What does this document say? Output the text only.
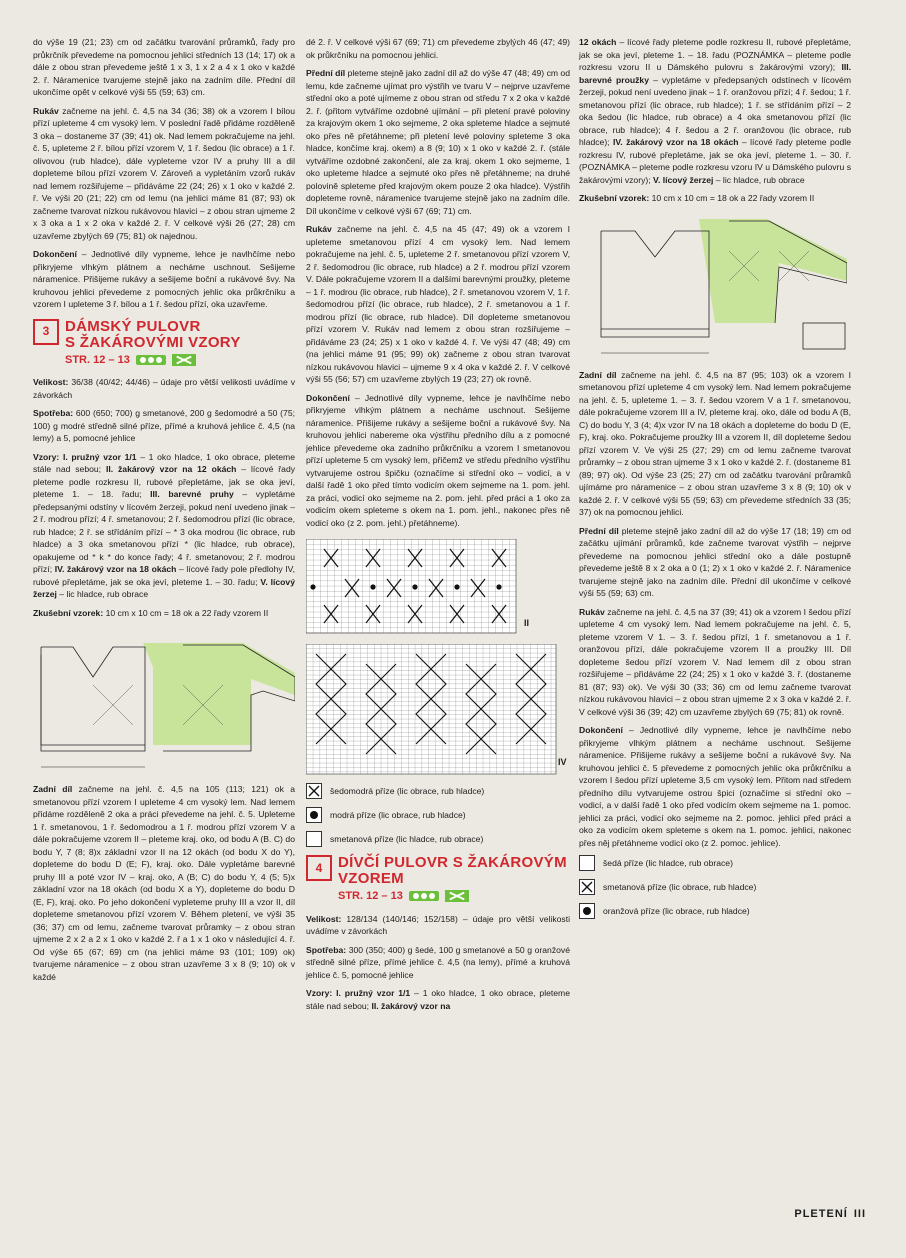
do výše 19 (21; 23) cm od začátku tvarování průramků, řady pro průkrčník převedeme na pomocnou jehlici středních 13 (14; 17) ok a dále z obou stran převedeme ještě 1 x 3, 1 x 2 a 4 x 1 oko v každé 2. ř. Náramenice tvarujeme stejně jako na zadním díle. Přední díl ukončíme opět v celkové výši 55 (59; 63) cm.

Rukáv začneme na jehl. č. 4,5 na 34 (36; 38) ok a vzorem I bílou přízí upleteme 4 cm vysoký lem. V poslední řadě přidáme rozděleně 3 oka – dostaneme 37 (39; 41) ok. Nad lemem pokračujeme na jehl. č. 5, upleteme 2 ř. bílou přízí vzorem V, 1 ř. šedou (lic obrace) a 1 ř. olivovou (rub hladce), dále vypleteme vzor IV a pruhy III a dil dopleteme bílou přízí vzorem V. Zároveň a vypletáním vzorů rukáv nad lemem rozšiřujeme – přidáváme 22 (24; 26) x 1 oko v každé 2. ř. Ve výši 20 (21; 22) cm od lemu (na jehlici máme 81 (87; 93) ok začneme tvarovat nízkou rukávovou hlavici – z obou stran ujmeme 2 x 3 oka a 1 x 2 oka v každé 2. ř. V celkové výši 26 (27; 28) cm uzavřeme zbylých 69 (75; 81) ok najednou.

Dokončení – Jednotlivé díly vypneme, lehce je navlhčíme nebo přikryjeme vlhkým plátnem a necháme uschnout. Sešijeme náramenice. Přišijeme rukávy a sešijeme boční a rukávové švy. Na kruhovou jehlici převedeme z pomocných jehlic oka průkrčníku a vzorem I upleteme 3 ř. bílou a 1 ř. šedou přízí, oka uzavřeme.

3	DÁMSKÝ PULOVR
S ŽAKÁROVÝMI VZORY
STR. 12 – 13

Velikost: 36/38 (40/42; 44/46) – údaje pro větší velikosti uvádíme v závorkách

Spotřeba: 600 (650; 700) g smetanové, 200 g šedomodré a 50 (75; 100) g modré středně silné příze, přímé a kruhová jehlice č. 4,5 (na lemy) a 5, pomocné jehlice

Vzory: I. pružný vzor 1/1 – 1 oko hladce, 1 oko obrace, pleteme stále nad sebou; II. žakárový vzor na 12 okách – lícové řady pleteme podle rozkresu II, rubové přepletáme, jak se oka jeví, pleteme 1. – 18. řadu; III. barevné pruhy – vypletáme předepsanými odstíny v lícovém žerzeji, pokud není uvedeno jinak – 2 ř. modrou přízí; 4 ř. smetanovou; 2 ř. šedomodrou přízí (lic obrace, rub hladce; 2 ř. se střídáním přízí – * 3 oka modrou (lic obrace, rub hladce) a 3 oka smetanovou přízí * (lic hladce, rub obrace), opakujeme od * k * do konce řady; 4 ř. smetanovou; 2 ř. modrou přízí; IV. žakárový vzor na 18 okách – lícové řady pole předlohy IV, rubové přepletáme, jak se oka jeví, pleteme 1. – 30. řadu; V. lícový žerzej – lic hladce, rub obrace

Zkušební vzorek: 10 cm x 10 cm = 18 ok a 22 řady vzorem II

Zadní díl začneme na jehl. č. 4,5 na 105 (113; 121) ok a smetanovou přízí vzorem I upleteme 4 cm vysoký lem. Nad lemem přidáme rozděleně 2 oka a práci převedeme na jehl. č. 5. Upleteme 1 ř. smetanovou, 1 ř. šedomodrou a 1 ř. modrou přízí vzorem V a dále pokračujeme vzorem II – pleteme kraj. oko, od bodu A (B. C) do bodu Y, 7 (8; 8)x základní vzor II na 12 okách (od bodu X do Y), dopleteme do bodu D (E; F), kraj. oko. Dále vypletáme barevné pruhy III a poté vzor IV – kraj. oko, A (B; C) do bodu Y, 4 (5; 5)x základní vzor na 18 okách (od bodu X a Y), dopleteme do bodu D (E, F), kraj. oko. Po jeho dokončení vypleteme pruhy III a vzor II, díl dopleteme smetanovou přízí vzorem V. Během pletení, ve výši 35 (36; 37) cm od lemu, začneme tvarovat průramky – z obou stran ujmeme 2 x 2 a 2 x 1 oko v každé 2. ř a 1 x 1 oko v následující 4. ř. Od výše 65 (67; 69) cm (na jehlici máme 93 (101; 109) ok) tvarujeme náramenice – z obou stran uzavřeme 3 x 8 (9; 10) ok v každé

dé 2. ř. V celkové výši 67 (69; 71) cm převedeme zbylých 46 (47; 49) ok průkrčníku na pomocnou jehlici.

Přední díl pleteme stejně jako zadní díl až do výše 47 (48; 49) cm od lemu, kde začneme ujímat pro výstřih ve tvaru V – nejprve uzavřeme střední oko a poté ujímeme z obou stran od středu 7 x 2 oka v každé 2. ř. (přitom vytváříme ozdobné ujímání – při pletení pravé poloviny za krajovým okem 1 oko sejmeme, 2 oka spleteme hladce a sejmuté oko přes ně přetáhneme; při pletení levé poloviny spleteme 3 oka hladce, končíme kraj. okem) a 8 (9; 10) x 1 oko v každé 2. ř. (stále vytváříme ozdobné zakončení, ale za kraj. okem 1 oko sejmeme, 1 oko upleteme hladce a sejmuté oko přes ně přetáhneme; na druhé polovině spleteme před krajovým okem pouze 2 oka hladce). Výstřih dopleteme rovně, náramenice tvarujeme stejně jako na zadním díle. Díl ukončíme v celkové výši 67 (69; 71) cm.

Rukáv začneme na jehl. č. 4,5 na 45 (47; 49) ok a vzorem I upleteme smetanovou přízí 4 cm vysoký lem. Nad lemem pokračujeme na jehl. č. 5, upleteme 2 ř. smetanovou přízí vzorem V, 2 ř. šedomodrou (lic obrace, rub hladce) a 2 ř. modrou přízí vzorem V. Dále pokračujeme vzorem II a dalšími barevnými proužky, pleteme – 1 ř. modrou (lic obrace, rub hladce), 2 ř. smetanovou vzorem V, 1 ř. šedomodrou přízí (lic obrace, rub hladce), 2 ř. smetanovou a 1 ř. modrou přízí (lic obrace, rub hladce). Díl dopleteme smetanovou přízí vzorem V. Rukáv nad lemem z obou stran rozšiřujeme – přidáváme 23 (24; 25) x 1 oko v každé 4. ř. Ve výši 47 (48; 49) cm (na jehlici máme 91 (95; 99) ok) začneme z obou stran tvarovat nízkou rukávovou hlavici – ujmeme 9 x 4 oka v každé 2. ř. V celkové výši 55 (56; 57) cm uzavřeme zbylých 19 (23; 27) ok rovně.

Dokončení – Jednotlivé díly vypneme, lehce je navlhčíme nebo přikryjeme vlhkým plátnem a necháme uschnout. Sešijeme náramenice. Přišijeme rukávy a sešijeme boční a rukávové švy. Na kruhovou jehlici nabereme oka výstřihu předního dílu a z pomocné jehlice převedeme oka zadního průkrčníku a vzorem I smetanovou přízí upleteme 5 cm vysoký lem, přičemž ve středu předního výstřihu vytvarujeme ostrou špičku (označíme si střední oko – vodicí, a v další řadě 1 oko před tímto vodicím okem sejmeme na 1. pom. jehl. za práci, vodicí oko sejmeme na 2. pom. jehl. před práci a 1 oko za vodicím okem spleteme s okem na 1. pom. jehl., nakonec přes ně vodicí oko (z 2. pom. jehl.) přetáhneme).

II
IV
šedomodrá příze (lic obrace, rub hladce)
modrá příze (lic obrace, rub hladce)
smetanová příze (lic hladce, rub obrace)
4	DÍVČÍ PULOVR S ŽAKÁROVÝM
VZOREM
STR. 12 – 13

Velikost: 128/134 (140/146; 152/158) – údaje pro větší velikosti uvádíme v závorkách

Spotřeba: 300 (350; 400) g šedé, 100 g smetanové a 50 g oranžové středně silné příze, přímé jehlice č. 4,5 (na lemy), přímé a kruhová jehlice č. 5, pomocné jehlice

Vzory: I. pružný vzor 1/1 – 1 oko hladce, 1 oko obrace, pleteme stále nad sebou; II. žakárový vzor na

12 okách – lícové řady pleteme podle rozkresu II, rubové přepletáme, jak se oka jeví, pleteme 1. – 18. řadu (POZNÁMKA – pleteme podle rozkresu vzoru II u Dámského pulovru s žakárovými vzory); III. barevné proužky – vypletáme v předepsaných odstínech v lícovém žerzeji, pokud není uvedeno jinak – 1 ř. oranžovou přízí; 4 ř. šedou; 1 ř. smetanovou přízí (lic obrace, rub hladce); 1 ř. se střídáním přízí – 2 oka šedou (lic hladce, rub obrace) a 4 oka smetanovou přízí (lic obrace, rub hladce); 4 ř. šedou a 2 ř. oranžovou (lic obrace, rub hladce); IV. žakárový vzor na 18 okách – lícové řady pleteme podle rozkresu IV, rubové přepletáme, jak se oka jeví, pleteme 1. – 30. ř. (POZNÁMKA – pleteme podle rozkresu vzoru IV u Dámského pulovru s žakárovými vzory); V. lícový žerzej – lic hladce, rub obrace

Zkušební vzorek: 10 cm x 10 cm = 18 ok a 22 řady vzorem II

Zadní díl začneme na jehl. č. 4,5 na 87 (95; 103) ok a vzorem I smetanovou přízí upleteme 4 cm vysoký lem. Nad lemem pokračujeme na jehl. č. 5, upleteme 1. – 3. ř. šedou vzorem V a 1 ř. smetanovou, dále pokračujeme vzorem III a IV, pleteme kraj. oko, dále od bodu A (B, C) do bodu Y, 3 (4; 4)x vzor IV na 18 okách a dopleteme do bodu D (E, F), kraj. oko. Pokračujeme proužky III a vzorem II, díl dopleteme šedou přízí vzorem V. Ve výši 25 (27; 29) cm od lemu začneme tvarovat průramky – z obou stran ujmeme 3 x 1 oko v každé 2. ř. (dostaneme 81 (89; 97) ok). Od výše 23 (25; 27) cm od začátku tvarování průramků ujímáme pro náramenice – z obou stran uzavřeme 3 x 8 (9; 10) ok v každé 2. ř. V celkové výši 55 (59; 63) cm převedeme středních 33 (35; 37) ok na pomocnou jehlici.

Přední díl pleteme stejně jako zadní díl až do výše 17 (18; 19) cm od začátku ujímání průramků, kde začneme tvarovat výstřih – nejprve převedeme na pomocnou jehlici střední oko a dále postupně převedeme ještě 8 x 2 oka a 0 (1; 2) x 1 oko v každé 2. ř. Náramenice tvarujeme stejně jako na zadním díle. Přední díl ukončíme v celkové výši 55 (59; 63) cm.

Rukáv začneme na jehl. č. 4,5 na 37 (39; 41) ok a vzorem I šedou přízí upleteme 4 cm vysoký lem. Nad lemem pokračujeme na jehl. č. 5, pleteme vzorem V 1. – 3. ř. šedou přízí, 1 ř. smetanovou a 1 ř. oranžovou přízí, dále pokračujeme vzorem II a proužky III. Díl dopleteme šedou přízí vzorem V. Nad lemem díl z obou stran rozšiřujeme – přidáváme 22 (24; 25) x 1 oko v každé 3. ř. (dostaneme 81 (87; 93) ok). Ve výši 30 (33; 36) cm od lemu začneme tvarovat nízkou rukávovou hlavici – z obou stran ujmeme 2 x 3 oka v každé 2. ř. V celkové výši 36 (39; 42) cm uzavřeme zbylých 69 (75; 81) ok rovně.

Dokončení – Jednotlivé díly vypneme, lehce je navlhčíme nebo přikryjeme vlhkým plátnem a necháme uschnout. Sešijeme náramenice. Přišijeme rukávy a sešijeme boční a rukávové švy. Na kruhovou jehlici č. 5 převedeme z pomocných jehlic oka průkrčníku a vzorem I šedou přízí upleteme 3,5 cm vysoký lem. Přitom nad středem předního dílu vytvarujeme ostrou špici (označíme si střední oko – vodicí, a v další řadě 1 oko před vodicím okem sejmeme na 1. pomoc. jehlici za práci, vodicí oko sejmeme na 2. pomoc. jehlici před práci a oko za vodicím okem spleteme s okem na 1. pomoc. jehlici, nakonec přes něj přetáhneme vodicí oko (z 2. pomoc. jehlice).

šedá příze (lic hladce, rub obrace)
smetanová příze (lic obrace, rub hladce)
oranžová příze (lic obrace, rub hladce)
PLETENÍ III
